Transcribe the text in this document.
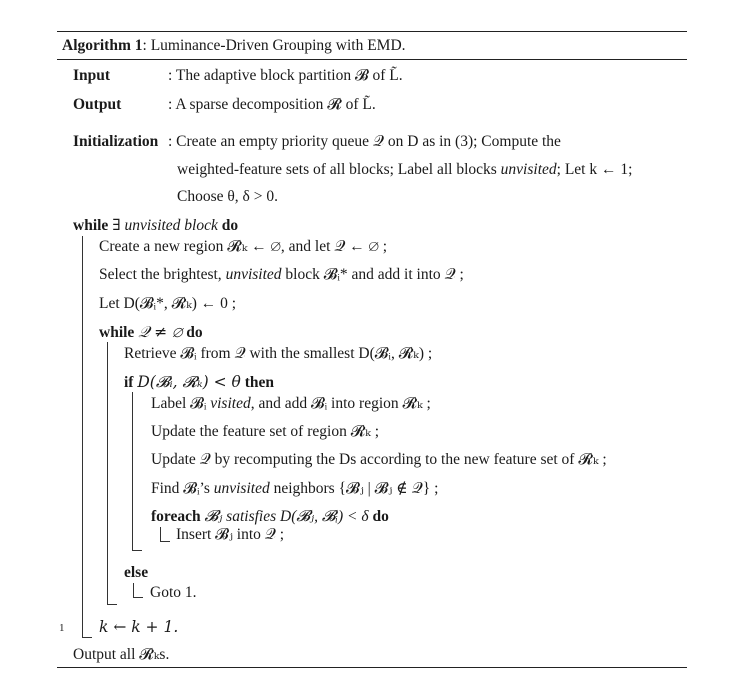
Algorithm 1: Luminance-Driven Grouping with EMD.
Input	: The adaptive block partition 𝓑 of L̃.
Output	: A sparse decomposition 𝓡 of L̃.
Initialization : Create an empty priority queue 𝒬 on D as in (3); Compute the
weighted-feature sets of all blocks; Label all blocks unvisited; Let k ← 1;
Choose θ, δ > 0.
while ∃ unvisited block do
Create a new region 𝓡ₖ ← ∅, and let 𝒬 ← ∅ ;
Select the brightest, unvisited block 𝓑ᵢ* and add it into 𝒬 ;
Let D(𝓑ᵢ*, 𝓡ₖ) ← 0 ;
while 𝒬 ≠ ∅ do
Retrieve 𝓑ᵢ from 𝒬 with the smallest D(𝓑ᵢ, 𝓡ₖ) ;
if D(𝓑ᵢ, 𝓡ₖ) < θ then
Label 𝓑ᵢ visited, and add 𝓑ᵢ into region 𝓡ₖ ;
Update the feature set of region 𝓡ₖ ;
Update 𝒬 by recomputing the Ds according to the new feature set of 𝓡ₖ ;
Find 𝓑ᵢ’s unvisited neighbors {𝓑ⱼ | 𝓑ⱼ ∉ 𝒬} ;
foreach 𝓑ⱼ satisfies D(𝓑ⱼ, 𝓑ᵢ) < δ do
Insert 𝓑ⱼ into 𝒬 ;
else
Goto 1.
1 k ← k + 1.
Output all 𝓡ₖs.
